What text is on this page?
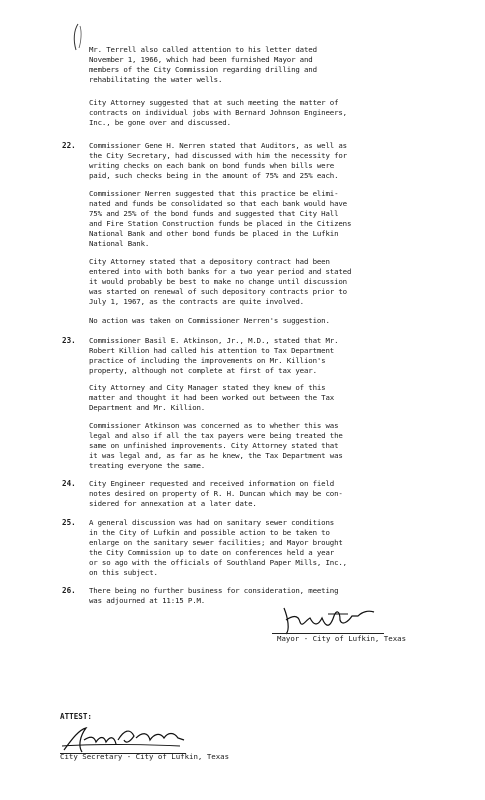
Mr. Terrell also called attention to his letter dated
November 1, 1966, which had been furnished Mayor and
members of the City Commission regarding drilling and
rehabilitating the water wells.

City Attorney suggested that at such meeting the matter of
contracts on individual jobs with Bernard Johnson Engineers,
Inc., be gone over and discussed.

22. Commissioner Gene H. Nerren stated that Auditors, as well as
the City Secretary, had discussed with him the necessity for
writing checks on each bank on bond funds when bills were
paid, such checks being in the amount of 75% and 25% each.

Commissioner Nerren suggested that this practice be elimi-
nated and funds be consolidated so that each bank would have
75% and 25% of the bond funds and suggested that City Hall
and Fire Station Construction funds be placed in the Citizens
National Bank and other bond funds be placed in the Lufkin
National Bank.

City Attorney stated that a depository contract had been
entered into with both banks for a two year period and stated
it would probably be best to make no change until discussion
was started on renewal of such depository contracts prior to
July 1, 1967, as the contracts are quite involved.

No action was taken on Commissioner Nerren's suggestion.

23. Commissioner Basil E. Atkinson, Jr., M.D., stated that Mr.
Robert Killion had called his attention to Tax Department
practice of including the improvements on Mr. Killion's
property, although not complete at first of tax year.

City Attorney and City Manager stated they knew of this
matter and thought it had been worked out between the Tax
Department and Mr. Killion.

Commissioner Atkinson was concerned as to whether this was
legal and also if all the tax payers were being treated the
same on unfinished improvements. City Attorney stated that
it was legal and, as far as he knew, the Tax Department was
treating everyone the same.

24. City Engineer requested and received information on field
notes desired on property of R. H. Duncan which may be con-
sidered for annexation at a later date.

25. A general discussion was had on sanitary sewer conditions
in the City of Lufkin and possible action to be taken to
enlarge on the sanitary sewer facilities; and Mayor brought
the City Commission up to date on conferences held a year
or so ago with the officials of Southland Paper Mills, Inc.,
on this subject.

26. There being no further business for consideration, meeting
was adjourned at 11:15 P.M.

Mayor - City of Lufkin, Texas
ATTEST:
City Secretary - City of Lufkin, Texas
